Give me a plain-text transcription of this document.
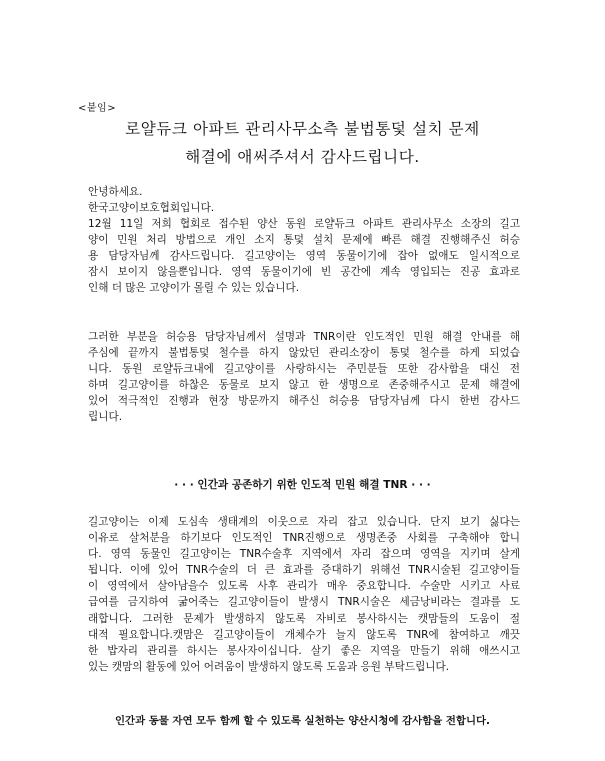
<붙임>
로얄듀크 아파트 관리사무소측 불법통덫 설치 문제
해결에 애써주셔서 감사드립니다.

안녕하세요.
한국고양이보호협회입니다.

12월 11일 저희 협회로 접수된 양산 동원 로얄듀크 아파트 관리사무소 소장의 길고
양이 민원 처리 방법으로 개인 소지 통덫 설치 문제에 빠른 해결 진행해주신 허승
용 담당자님께 감사드립니다. 길고양이는 영역 동물이기에 잡아 없애도 일시적으로
잠시 보이지 않을뿐입니다. 영역 동물이기에 빈 공간에 계속 영입되는 진공 효과로
인해 더 많은 고양이가 몰릴 수 있는 있습니다.

그러한 부분을 허승용 담당자님께서 설명과 TNR이란 인도적인 민원 해결 안내를 해
주심에 끝까지 불법통덫 철수를 하지 않았던 관리소장이 통덫 철수를 하게 되었습
니다. 동원 로얄듀크내에 길고양이를 사랑하시는 주민분들 또한 감사함을 대신 전
하며 길고양이를 하찮은 동물로 보지 않고 한 생명으로 존중해주시고 문제 해결에
있어 적극적인 진행과 현장 방문까지 해주신 허승용 담당자님께 다시 한번 감사드
립니다.

· · · 인간과 공존하기 위한 인도적 민원 해결 TNR · · ·

길고양이는 이제 도심속 생태계의 이웃으로 자리 잡고 있습니다. 단지 보기 싫다는
이유로 살처분을 하기보다 인도적인 TNR진행으로 생명존중 사회를 구축해야 합니
다. 영역 동물인 길고양이는 TNR수술후 지역에서 자리 잡으며 영역을 지키며 살게
됩니다. 이에 있어 TNR수술의 더 큰 효과를 증대하기 위해선 TNR시술된 길고양이들
이 영역에서 살아남을수 있도록 사후 관리가 매우 중요합니다. 수술만 시키고 사료
급여를 금지하여 굶어죽는 길고양이들이 발생시 TNR시술은 세금낭비라는 결과를 도
래합니다. 그러한 문제가 발생하지 않도록 자비로 봉사하시는 캣맘들의 도움이 절
대적 필요합니다.캣맘은 길고양이들이 개체수가 늘지 않도록 TNR에 참여하고 깨끗
한 밥자리 관리를 하시는 봉사자이십니다. 살기 좋은 지역을 만들기 위해 애쓰시고
있는 캣맘의 활동에 있어 어려움이 발생하지 않도록 도움과 응원 부탁드립니다.

인간과 동물 자연 모두 함께 할 수 있도록 실천하는 양산시청에 감사함을 전합니다.
